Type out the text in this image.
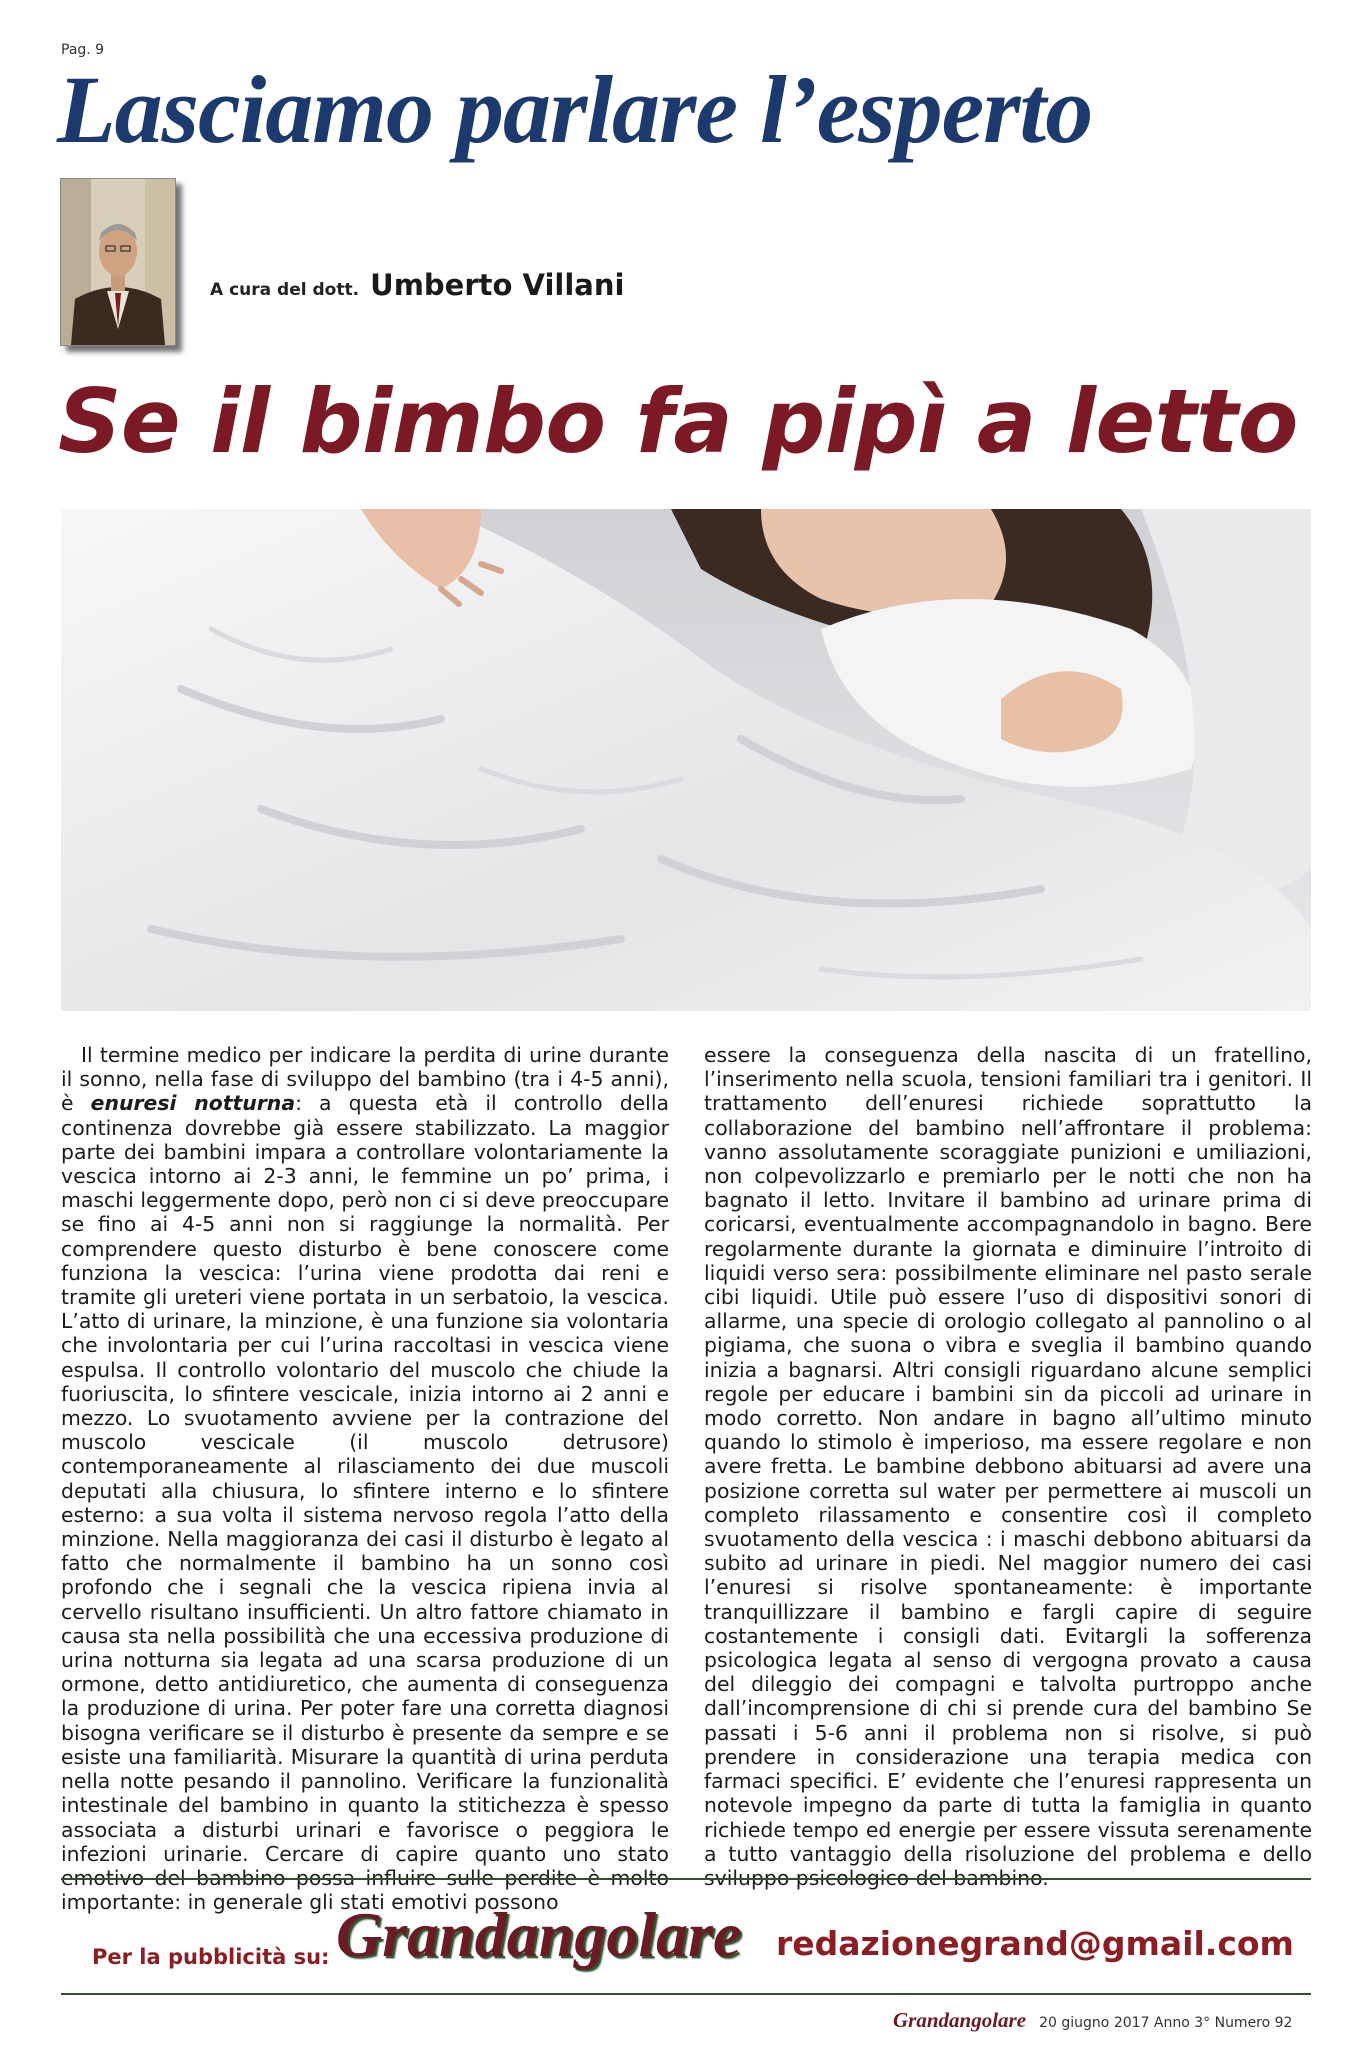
Pag. 9
Lasciamo parlare l’esperto
A cura del dott. Umberto Villani
Se il bimbo fa pipì a letto

Il termine medico per indicare la perdita di urine durante il sonno, nella fase di sviluppo del bambino (tra i 4-5 anni), è enuresi notturna: a questa età il controllo della continenza dovrebbe già essere stabilizzato. La maggior parte dei bambini impara a controllare volontariamente la vescica intorno ai 2-3 anni, le femmine un po’ prima, i maschi leggermente dopo, però non ci si deve preoccupare se fino ai 4-5 anni non si raggiunge la normalità. Per comprendere questo disturbo è bene conoscere come funziona la vescica: l’urina viene prodotta dai reni e tramite gli ureteri viene portata in un serbatoio, la vescica. L’atto di urinare, la minzione, è una funzione sia volontaria che involontaria per cui l’urina raccoltasi in vescica viene espulsa. Il controllo volontario del muscolo che chiude la fuoriuscita, lo sfintere vescicale, inizia intorno ai 2 anni e mezzo. Lo svuotamento avviene per la contrazione del muscolo vescicale (il muscolo detrusore) contemporaneamente al rilasciamento dei due muscoli deputati alla chiusura, lo sfintere interno e lo sfintere esterno: a sua volta il sistema nervoso regola l’atto della minzione. Nella maggioranza dei casi il disturbo è legato al fatto che normalmente il bambino ha un sonno così profondo che i segnali che la vescica ripiena invia al cervello risultano insufficienti. Un altro fattore chiamato in causa sta nella possibilità che una eccessiva produzione di urina notturna sia legata ad una scarsa produzione di un ormone, detto antidiuretico, che aumenta di conseguenza la produzione di urina. Per poter fare una corretta diagnosi bisogna verificare se il disturbo è presente da sempre e se esiste una familiarità. Misurare la quantità di urina perduta nella notte pesando il pannolino. Verificare la funzionalità intestinale del bambino in quanto la stitichezza è spesso associata a disturbi urinari e favorisce o peggiora le infezioni urinarie. Cercare di capire quanto uno stato emotivo del bambino possa influire sulle perdite è molto importante: in generale gli stati emotivi possono

essere la conseguenza della nascita di un fratellino, l’inserimento nella scuola, tensioni familiari tra i genitori. Il trattamento dell’enuresi richiede soprattutto la collaborazione del bambino nell’affrontare il problema: vanno assolutamente scoraggiate punizioni e umiliazioni, non colpevolizzarlo e premiarlo per le notti che non ha bagnato il letto. Invitare il bambino ad urinare prima di coricarsi, eventualmente accompagnandolo in bagno. Bere regolarmente durante la giornata e diminuire l’introito di liquidi verso sera: possibilmente eliminare nel pasto serale cibi liquidi. Utile può essere l’uso di dispositivi sonori di allarme, una specie di orologio collegato al pannolino o al pigiama, che suona o vibra e sveglia il bambino quando inizia a bagnarsi. Altri consigli riguardano alcune semplici regole per educare i bambini sin da piccoli ad urinare in modo corretto. Non andare in bagno all’ultimo minuto quando lo stimolo è imperioso, ma essere regolare e non avere fretta. Le bambine debbono abituarsi ad avere una posizione corretta sul water per permettere ai muscoli un completo rilassamento e consentire così il completo svuotamento della vescica : i maschi debbono abituarsi da subito ad urinare in piedi. Nel maggior numero dei casi l’enuresi si risolve spontaneamente: è importante tranquillizzare il bambino e fargli capire di seguire costantemente i consigli dati. Evitargli la sofferenza psicologica legata al senso di vergogna provato a causa del dileggio dei compagni e talvolta purtroppo anche dall’incomprensione di chi si prende cura del bambino Se passati i 5-6 anni il problema non si risolve, si può prendere in considerazione una terapia medica con farmaci specifici. E’ evidente che l’enuresi rappresenta un notevole impegno da parte di tutta la famiglia in quanto richiede tempo ed energie per essere vissuta serenamente a tutto vantaggio della risoluzione del problema e dello sviluppo psicologico del bambino.

Per la pubblicità su: Grandangolare redazionegrand@gmail.com
Grandangolare 20 giugno 2017 Anno 3° Numero 92
